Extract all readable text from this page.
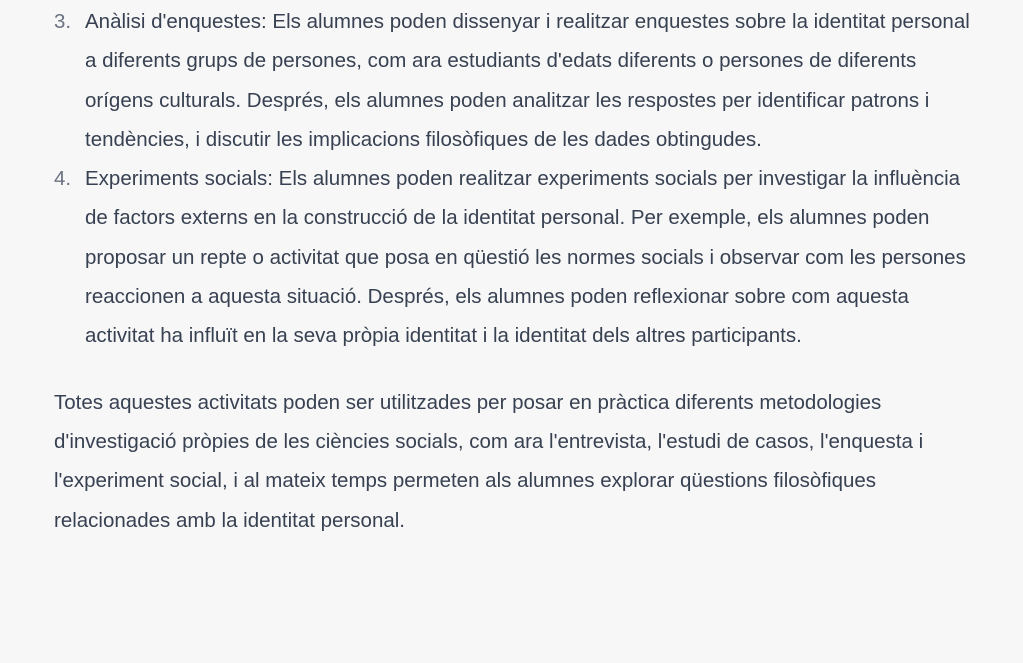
3. Anàlisi d'enquestes: Els alumnes poden dissenyar i realitzar enquestes sobre la identitat personal a diferents grups de persones, com ara estudiants d'edats diferents o persones de diferents orígens culturals. Després, els alumnes poden analitzar les respostes per identificar patrons i tendències, i discutir les implicacions filosòfiques de les dades obtingudes.
4. Experiments socials: Els alumnes poden realitzar experiments socials per investigar la influència de factors externs en la construcció de la identitat personal. Per exemple, els alumnes poden proposar un repte o activitat que posa en qüestió les normes socials i observar com les persones reaccionen a aquesta situació. Després, els alumnes poden reflexionar sobre com aquesta activitat ha influït en la seva pròpia identitat i la identitat dels altres participants.

Totes aquestes activitats poden ser utilitzades per posar en pràctica diferents metodologies d'investigació pròpies de les ciències socials, com ara l'entrevista, l'estudi de casos, l'enquesta i l'experiment social, i al mateix temps permeten als alumnes explorar qüestions filosòfiques relacionades amb la identitat personal.
